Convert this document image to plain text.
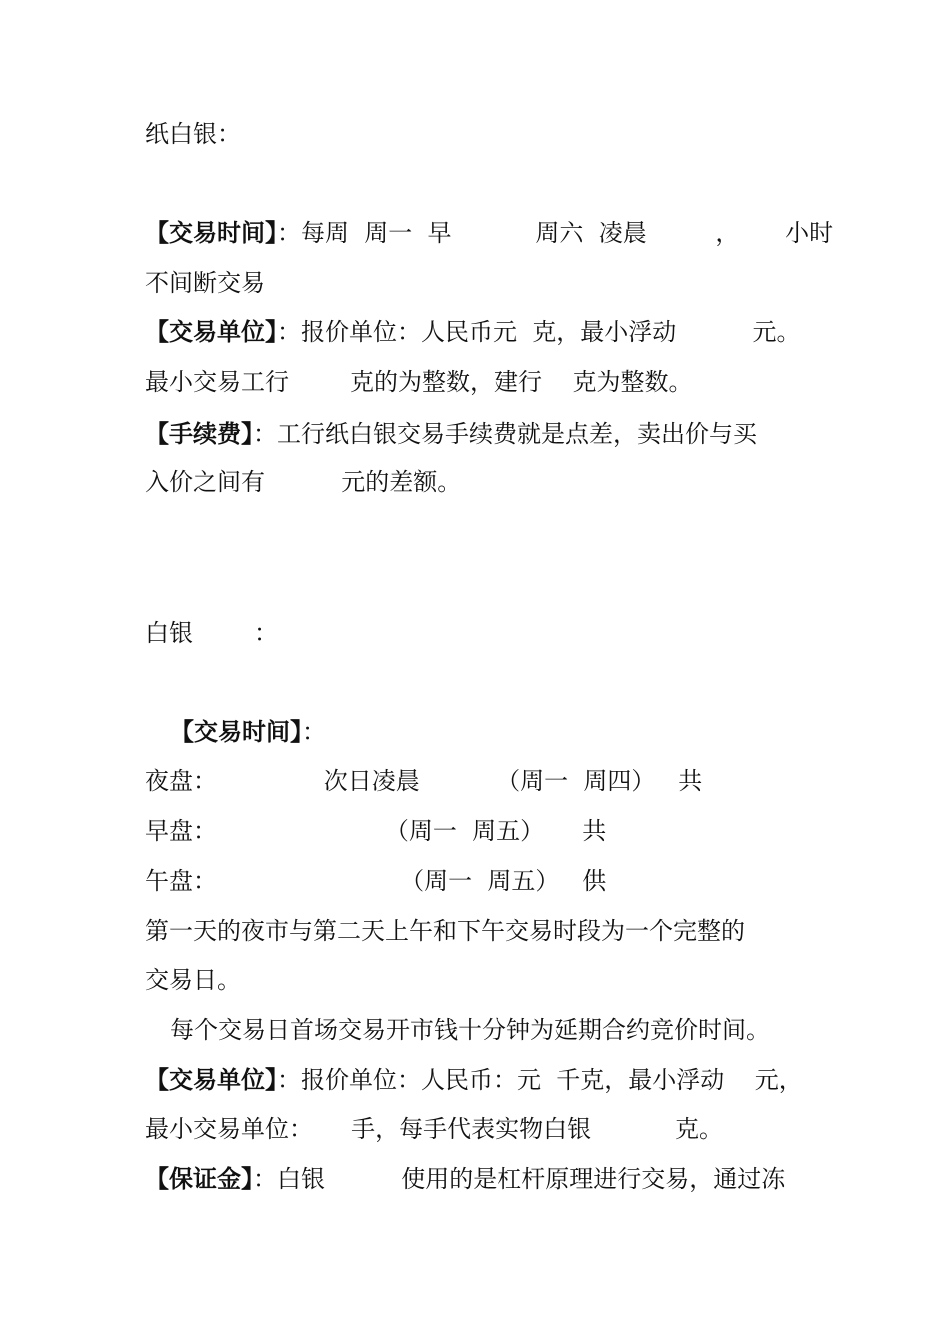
纸白银：
【交易时间】：每周  周一  早           周六  凌晨         ，      小时
不间断交易
【交易单位】：报价单位：人民币元  克，最小浮动          元。
最小交易工行        克的为整数，建行    克为整数。
【手续费】：工行纸白银交易手续费就是点差，卖出价与买
入价之间有          元的差额。
白银        ：
【交易时间】：
夜盘：              次日凌晨          （周一  周四）   共
早盘：                      （周一  周五）     共
午盘：                        （周一  周五）   供
第一天的夜市与第二天上午和下午交易时段为一个完整的
交易日。
每个交易日首场交易开市钱十分钟为延期合约竞价时间。
【交易单位】：报价单位：人民币：元  千克，最小浮动    元，
最小交易单位：     手，每手代表实物白银           克。
【保证金】：白银          使用的是杠杆原理进行交易，通过冻
